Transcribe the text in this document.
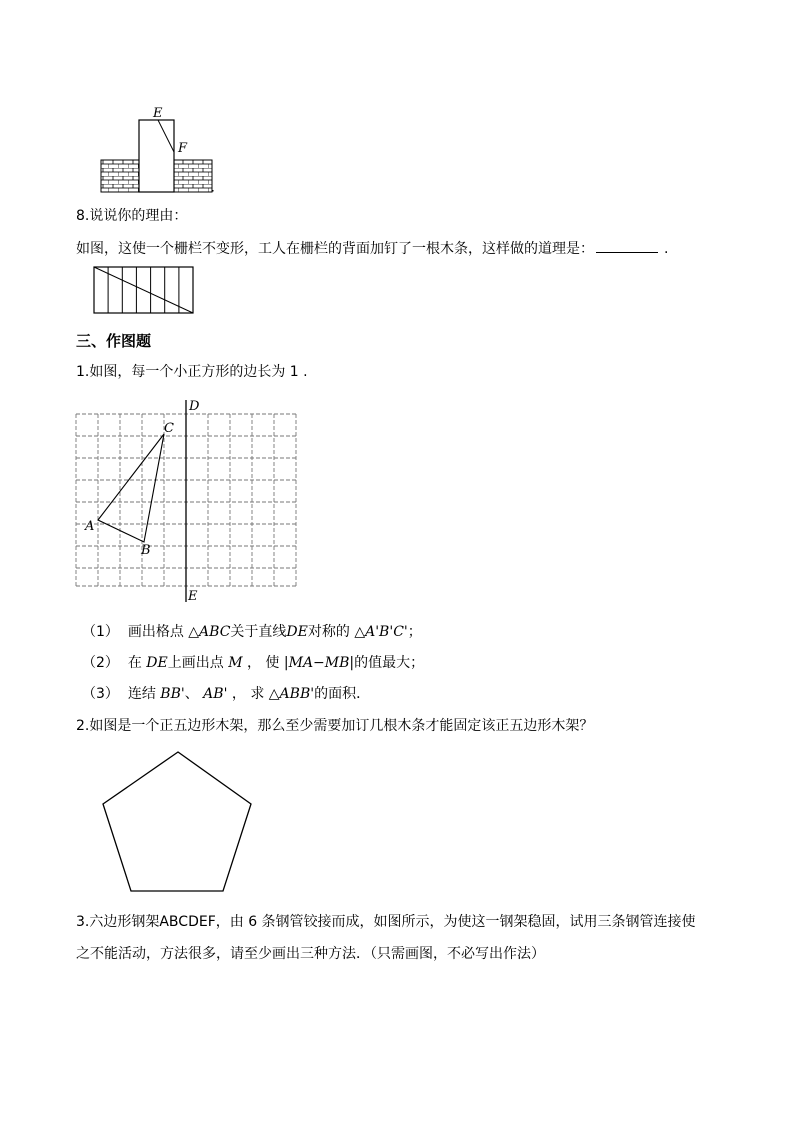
E
F
8.说说你的理由：
如图，这使一个栅栏不变形，工人在栅栏的背面加钉了一根木条，这样做的道理是：	.
三、作图题
1.如图，每一个小正方形的边长为 1 .
D
E
C
A
B
（1） 画出格点 △ABC关于直线DE对称的 △A'B'C'；
（2） 在 DE上画出点 M ， 使 |MA−MB|的值最大；
（3） 连结 BB'、 AB' ， 求 △ABB'的面积．
2.如图是一个正五边形木架，那么至少需要加订几根木条才能固定该正五边形木架？
3.六边形钢架ABCDEF，由 6 条钢管铰接而成，如图所示，为使这一钢架稳固，试用三条钢管连接使
之不能活动，方法很多，请至少画出三种方法．（只需画图，不必写出作法）
